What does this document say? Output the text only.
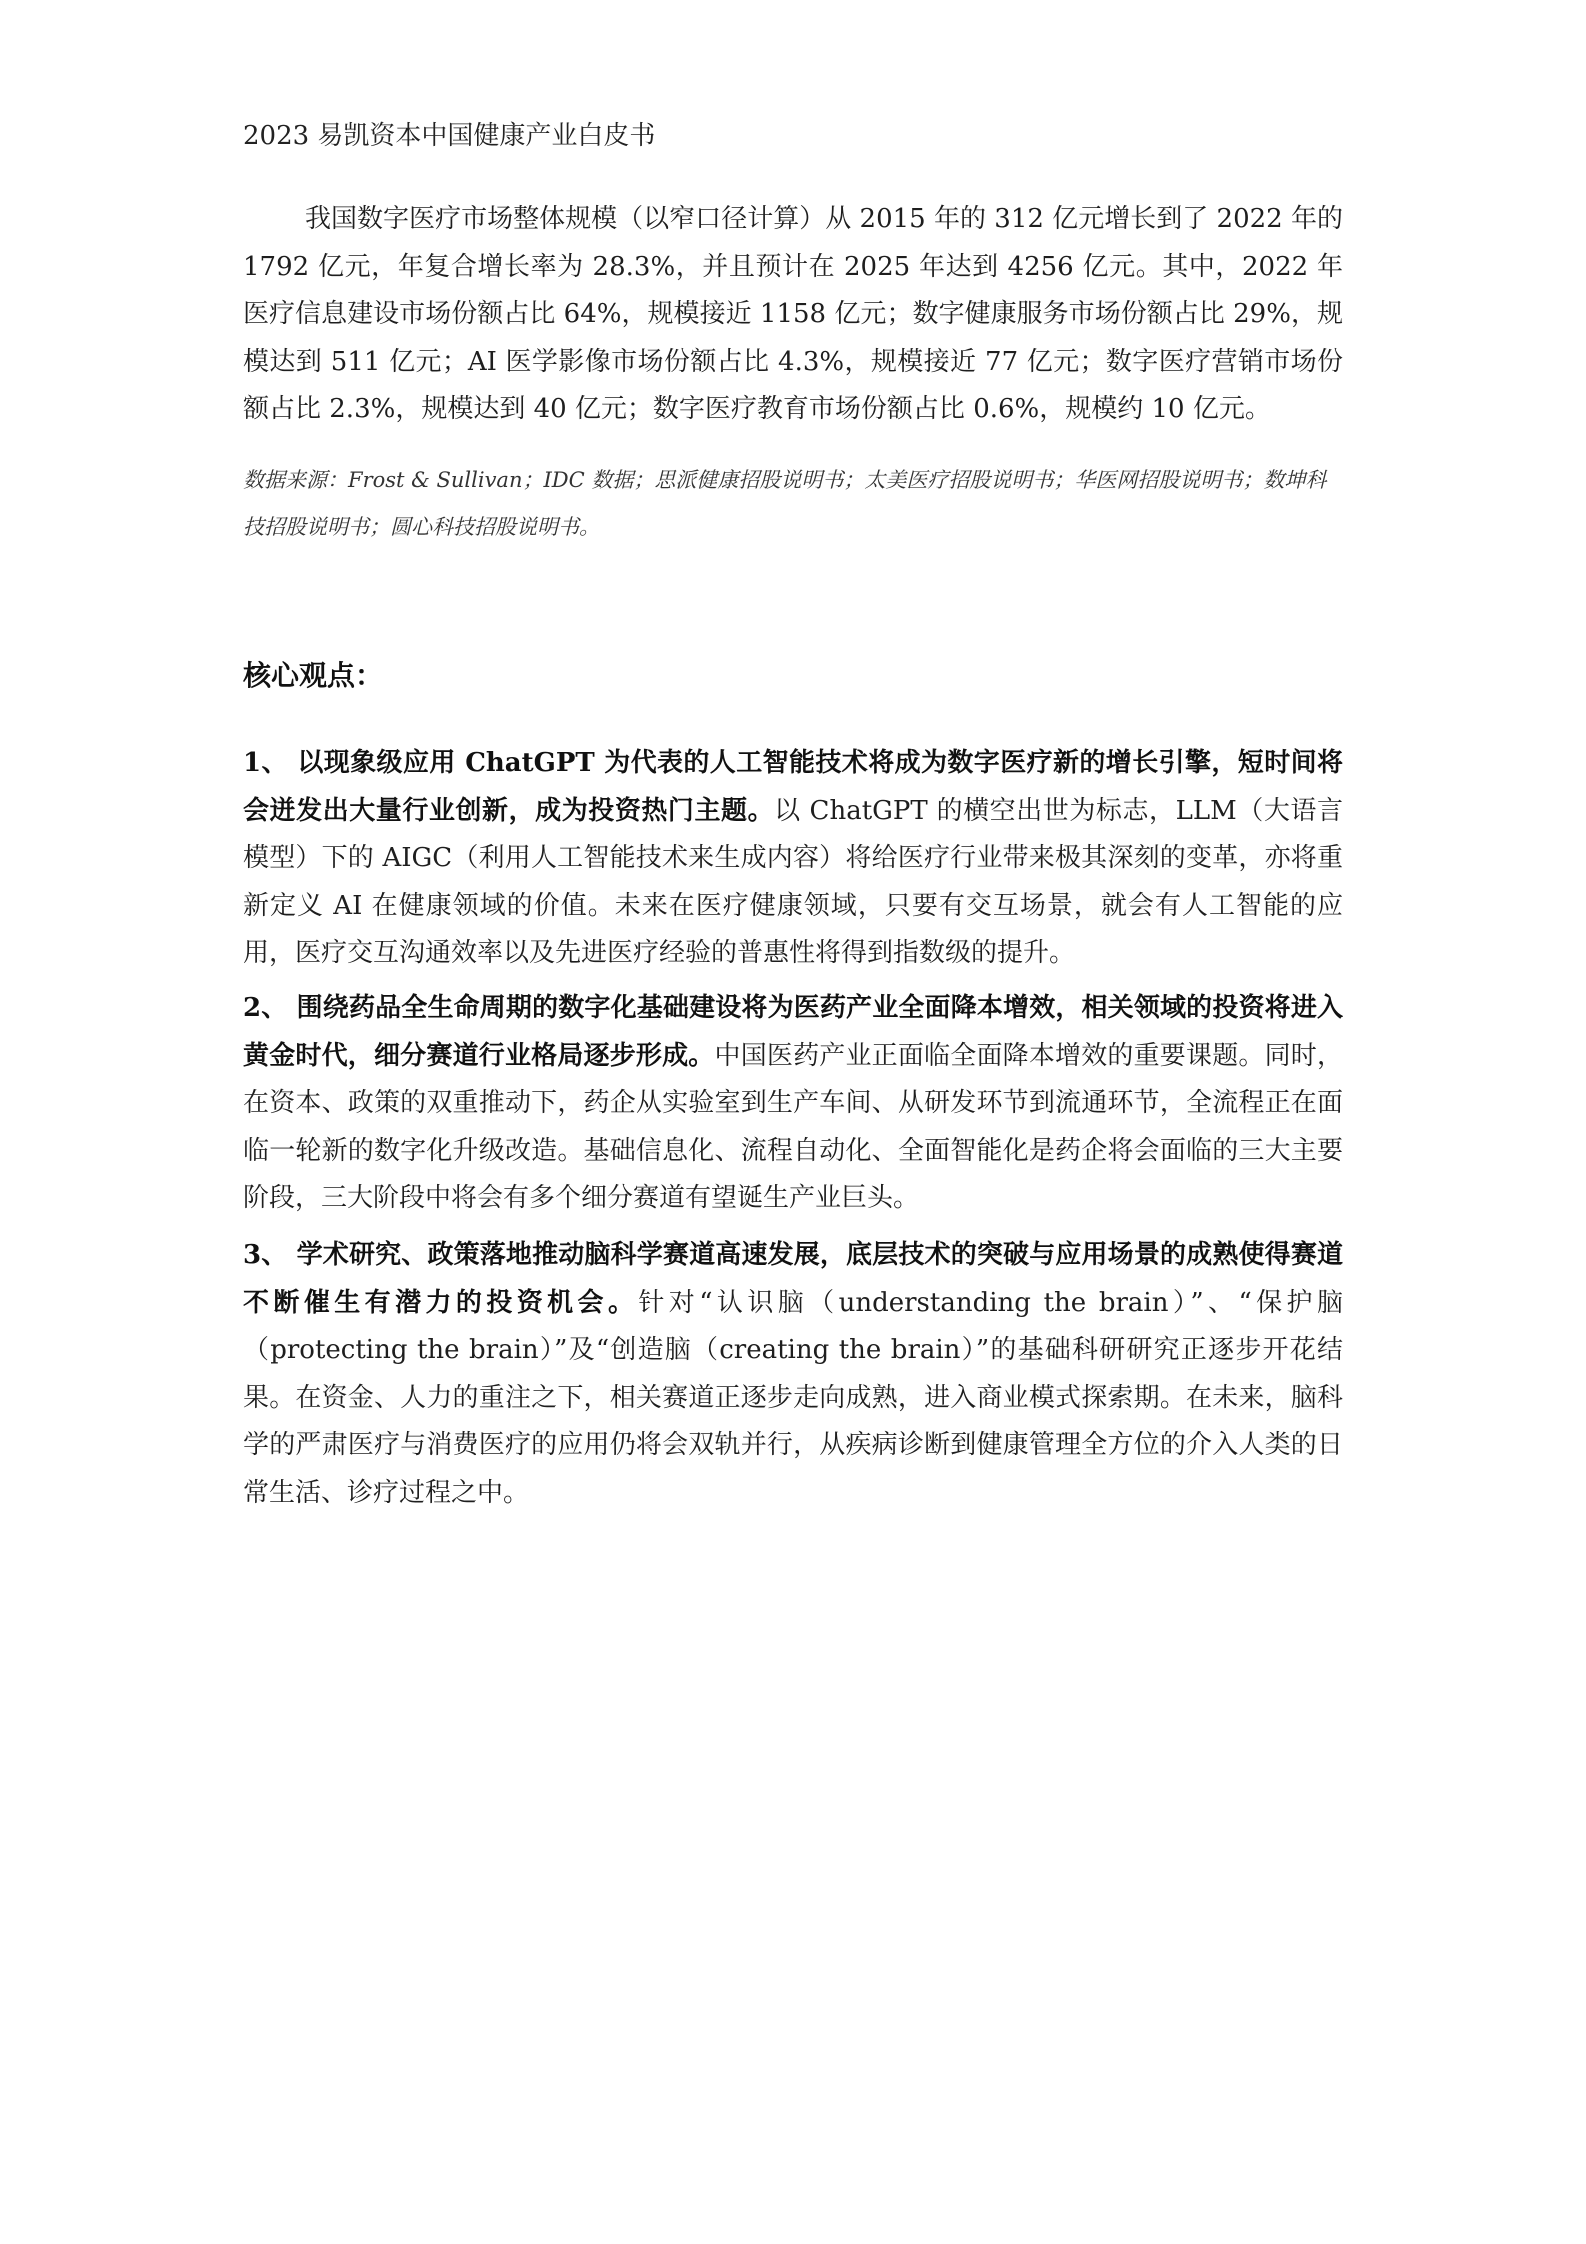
2023 易凯资本中国健康产业白皮书

我国数字医疗市场整体规模（以窄口径计算）从 2015 年的 312 亿元增长到了 2022 年的 1792 亿元，年复合增长率为 28.3%，并且预计在 2025 年达到 4256 亿元。其中，2022 年医疗信息建设市场份额占比 64%，规模接近 1158 亿元；数字健康服务市场份额占比 29%，规模达到 511 亿元；AI 医学影像市场份额占比 4.3%，规模接近 77 亿元；数字医疗营销市场份额占比 2.3%，规模达到 40 亿元；数字医疗教育市场份额占比 0.6%，规模约 10 亿元。

数据来源：Frost & Sullivan；IDC 数据；思派健康招股说明书；太美医疗招股说明书；华医网招股说明书；数坤科技招股说明书；圆心科技招股说明书。

核心观点：

1、 以现象级应用 ChatGPT 为代表的人工智能技术将成为数字医疗新的增长引擎，短时间将会迸发出大量行业创新，成为投资热门主题。以 ChatGPT 的横空出世为标志，LLM（大语言模型）下的 AIGC（利用人工智能技术来生成内容）将给医疗行业带来极其深刻的变革，亦将重新定义 AI 在健康领域的价值。未来在医疗健康领域，只要有交互场景，就会有人工智能的应用，医疗交互沟通效率以及先进医疗经验的普惠性将得到指数级的提升。

2、 围绕药品全生命周期的数字化基础建设将为医药产业全面降本增效，相关领域的投资将进入黄金时代，细分赛道行业格局逐步形成。中国医药产业正面临全面降本增效的重要课题。同时，在资本、政策的双重推动下，药企从实验室到生产车间、从研发环节到流通环节，全流程正在面临一轮新的数字化升级改造。基础信息化、流程自动化、全面智能化是药企将会面临的三大主要阶段，三大阶段中将会有多个细分赛道有望诞生产业巨头。

3、 学术研究、政策落地推动脑科学赛道高速发展，底层技术的突破与应用场景的成熟使得赛道不断催生有潜力的投资机会。针对“认识脑（understanding the brain）”、“保护脑（protecting the brain）”及“创造脑（creating the brain）”的基础科研研究正逐步开花结果。在资金、人力的重注之下，相关赛道正逐步走向成熟，进入商业模式探索期。在未来，脑科学的严肃医疗与消费医疗的应用仍将会双轨并行，从疾病诊断到健康管理全方位的介入人类的日常生活、诊疗过程之中。
